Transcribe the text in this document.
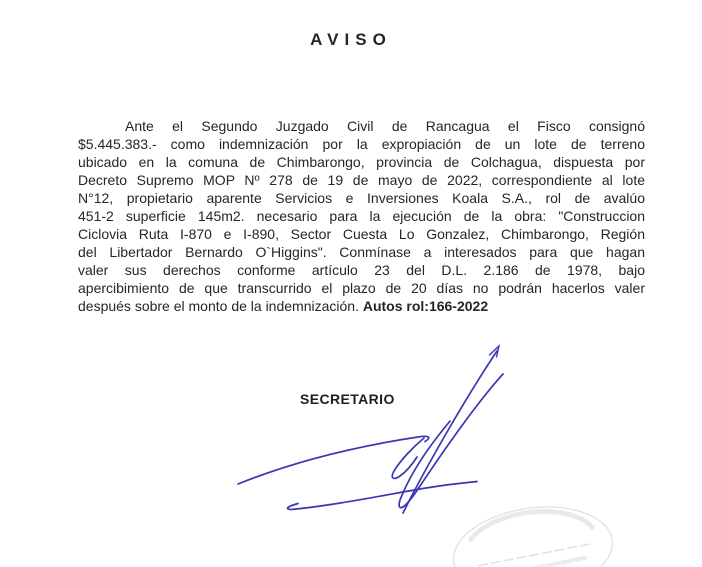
AVISO
Ante el Segundo Juzgado Civil de Rancagua el Fisco consignó
$5.445.383.- como indemnización por la expropiación de un lote de terreno
ubicado en la comuna de Chimbarongo, provincia de Colchagua, dispuesta por
Decreto Supremo MOP Nº 278 de 19 de mayo de 2022, correspondiente al lote
N°12, propietario aparente Servicios e Inversiones Koala S.A., rol de avalúo
451-2 superficie 145m2. necesario para la ejecución de la obra: "Construccion
Ciclovia Ruta I-870 e I-890, Sector Cuesta Lo Gonzalez, Chimbarongo, Región
del Libertador Bernardo O`Higgins". Conmínase a interesados para que hagan
valer sus derechos conforme artículo 23 del D.L. 2.186 de 1978, bajo
apercibimiento de que transcurrido el plazo de 20 días no podrán hacerlos valer
después sobre el monto de la indemnización. Autos rol:166-2022
SECRETARIO
